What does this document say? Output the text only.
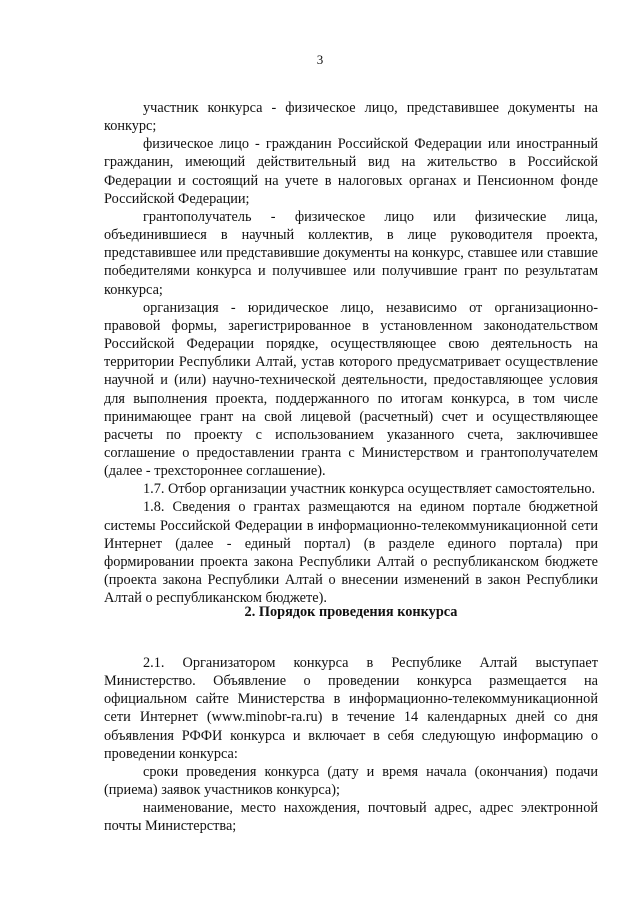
3

участник конкурса - физическое лицо, представившее документы на конкурс;

физическое лицо - гражданин Российской Федерации или иностранный гражданин, имеющий действительный вид на жительство в Российской Федерации и состоящий на учете в налоговых органах и Пенсионном фонде Российской Федерации;

грантополучатель - физическое лицо или физические лица, объединившиеся в научный коллектив, в лице руководителя проекта, представившее или представившие документы на конкурс, ставшее или ставшие победителями конкурса и получившее или получившие грант по результатам конкурса;

организация - юридическое лицо, независимо от организационно-правовой формы, зарегистрированное в установленном законодательством Российской Федерации порядке, осуществляющее свою деятельность на территории Республики Алтай, устав которого предусматривает осуществление научной и (или) научно-технической деятельности, предоставляющее условия для выполнения проекта, поддержанного по итогам конкурса, в том числе принимающее грант на свой лицевой (расчетный) счет и осуществляющее расчеты по проекту с использованием указанного счета, заключившее соглашение о предоставлении гранта с Министерством и грантополучателем (далее - трехстороннее соглашение).

1.7. Отбор организации участник конкурса осуществляет самостоятельно.

1.8. Сведения о грантах размещаются на едином портале бюджетной системы Российской Федерации в информационно-телекоммуникационной сети Интернет (далее - единый портал) (в разделе единого портала) при формировании проекта закона Республики Алтай о республиканском бюджете (проекта закона Республики Алтай о внесении изменений в закон Республики Алтай о республиканском бюджете).

2. Порядок проведения конкурса

2.1. Организатором конкурса в Республике Алтай выступает Министерство. Объявление о проведении конкурса размещается на официальном сайте Министерства в информационно-телекоммуникационной сети Интернет (www.minobr-ra.ru) в течение 14 календарных дней со дня объявления РФФИ конкурса и включает в себя следующую информацию о проведении конкурса:

сроки проведения конкурса (дату и время начала (окончания) подачи (приема) заявок участников конкурса);

наименование, место нахождения, почтовый адрес, адрес электронной почты Министерства;
